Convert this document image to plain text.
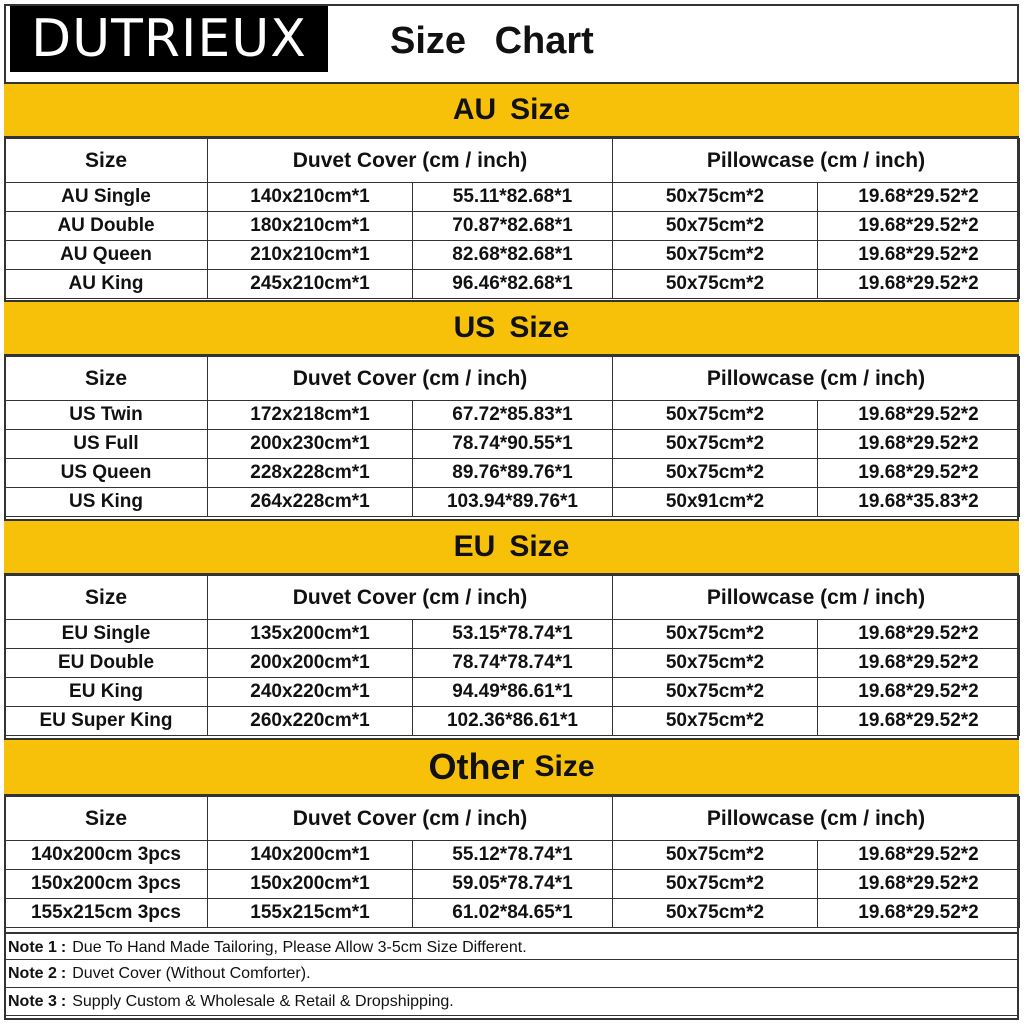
DUTRIEUX	Size Chart
AU Size
Size	Duvet Cover (cm / inch)		Pillowcase (cm / inch)	
AU Single	140x210cm*1	55.11*82.68*1	50x75cm*2	19.68*29.52*2
AU Double	180x210cm*1	70.87*82.68*1	50x75cm*2	19.68*29.52*2
AU Queen	210x210cm*1	82.68*82.68*1	50x75cm*2	19.68*29.52*2
AU King	245x210cm*1	96.46*82.68*1	50x75cm*2	19.68*29.52*2
US Size
Size	Duvet Cover (cm / inch)		Pillowcase (cm / inch)	
US Twin	172x218cm*1	67.72*85.83*1	50x75cm*2	19.68*29.52*2
US Full	200x230cm*1	78.74*90.55*1	50x75cm*2	19.68*29.52*2
US Queen	228x228cm*1	89.76*89.76*1	50x75cm*2	19.68*29.52*2
US King	264x228cm*1	103.94*89.76*1	50x91cm*2	19.68*35.83*2
EU Size
Size	Duvet Cover (cm / inch)		Pillowcase (cm / inch)	
EU Single	135x200cm*1	53.15*78.74*1	50x75cm*2	19.68*29.52*2
EU Double	200x200cm*1	78.74*78.74*1	50x75cm*2	19.68*29.52*2
EU King	240x220cm*1	94.49*86.61*1	50x75cm*2	19.68*29.52*2
EU Super King	260x220cm*1	102.36*86.61*1	50x75cm*2	19.68*29.52*2
Other Size
Size	Duvet Cover (cm / inch)		Pillowcase (cm / inch)	
140x200cm 3pcs	140x200cm*1	55.12*78.74*1	50x75cm*2	19.68*29.52*2
150x200cm 3pcs	150x200cm*1	59.05*78.74*1	50x75cm*2	19.68*29.52*2
155x215cm 3pcs	155x215cm*1	61.02*84.65*1	50x75cm*2	19.68*29.52*2
Note 1 : Due To Hand Made Tailoring, Please Allow 3-5cm Size Different.
Note 2 : Duvet Cover (Without Comforter).
Note 3 : Supply Custom & Wholesale & Retail & Dropshipping.
